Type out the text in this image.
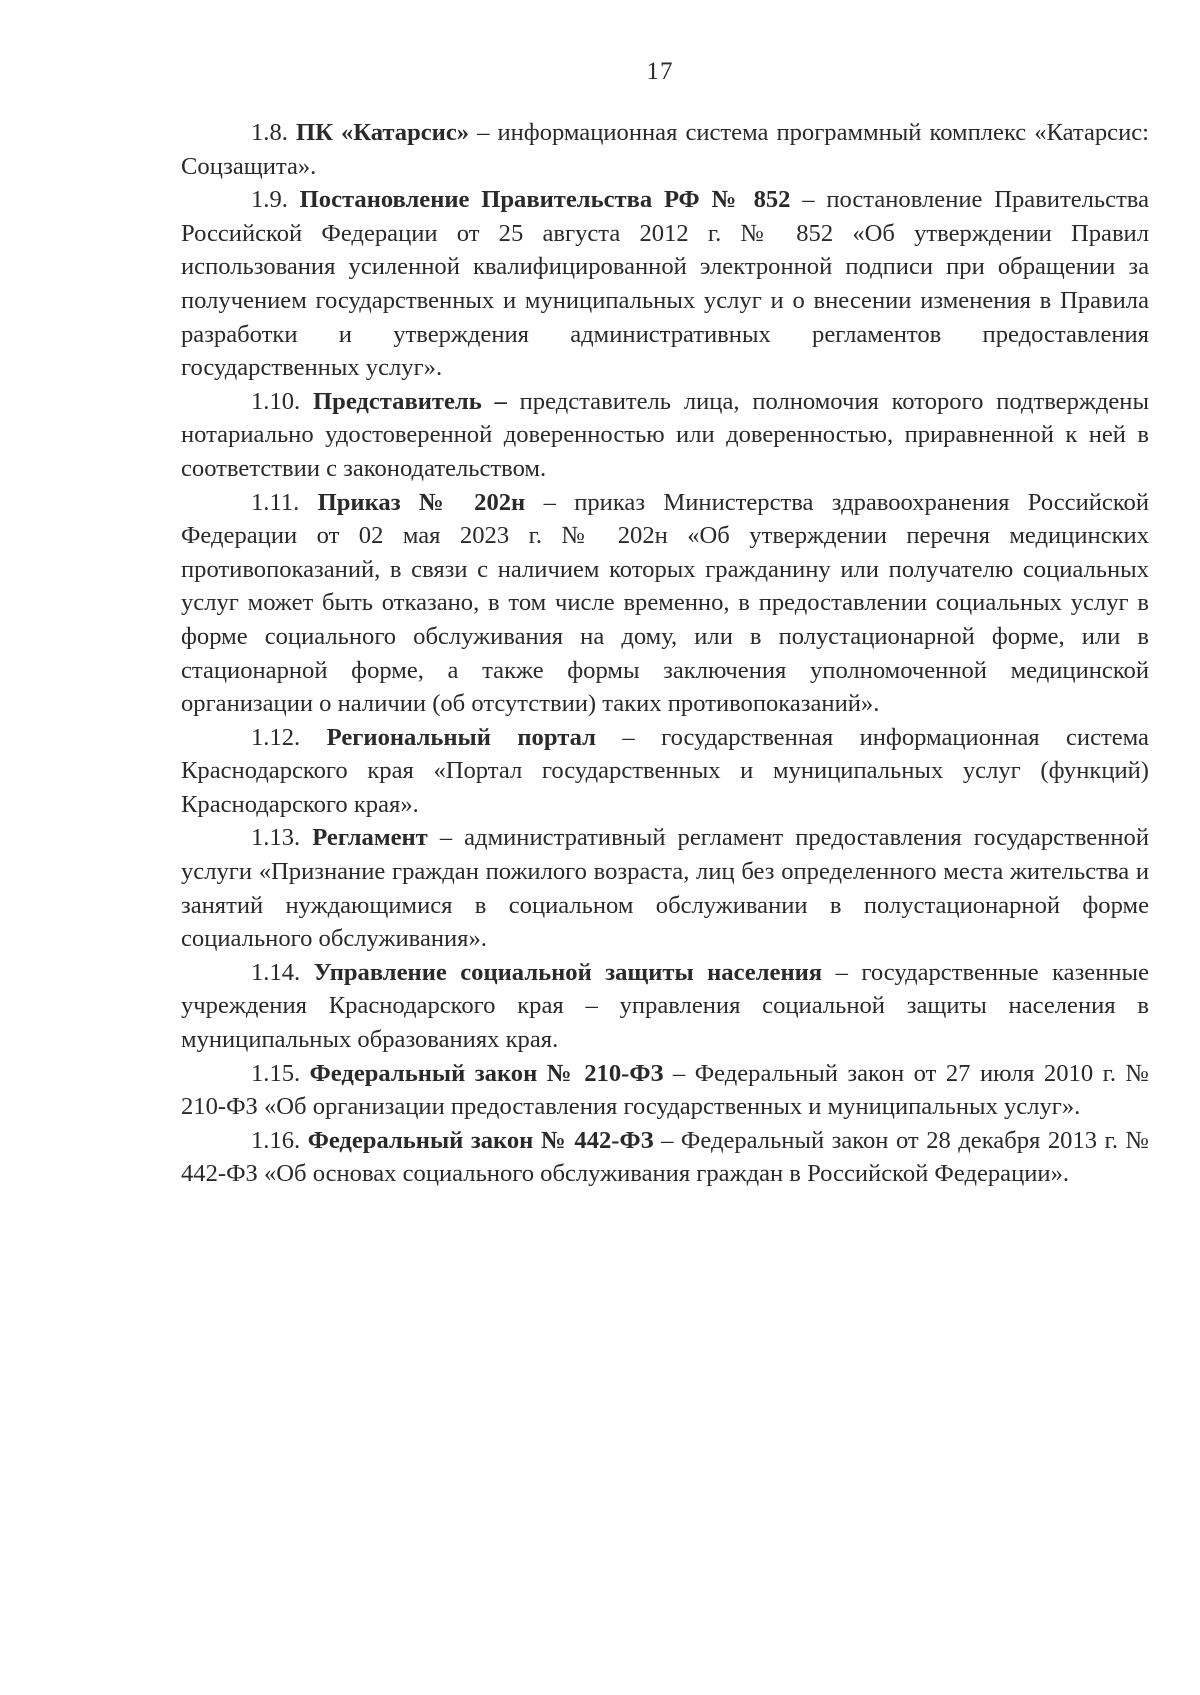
17

1.8. ПК «Катарсис» – информационная система программный комплекс «Катарсис: Соцзащита».

1.9. Постановление Правительства РФ № 852 – постановление Правительства Российской Федерации от 25 августа 2012 г. № 852 «Об утверждении Правил использования усиленной квалифицированной электронной подписи при обращении за получением государственных и муниципальных услуг и о внесении изменения в Правила разработки и утверждения административных регламентов предоставления государственных услуг».

1.10. Представитель – представитель лица, полномочия которого подтверждены нотариально удостоверенной доверенностью или доверенностью, приравненной к ней в соответствии с законодательством.

1.11. Приказ № 202н – приказ Министерства здравоохранения Российской Федерации от 02 мая 2023 г. № 202н «Об утверждении перечня медицинских противопоказаний, в связи с наличием которых гражданину или получателю социальных услуг может быть отказано, в том числе временно, в предоставлении социальных услуг в форме социального обслуживания на дому, или в полустационарной форме, или в стационарной форме, а также формы заключения уполномоченной медицинской организации о наличии (об отсутствии) таких противопоказаний».

1.12. Региональный портал – государственная информационная система Краснодарского края «Портал государственных и муниципальных услуг (функций) Краснодарского края».

1.13. Регламент – административный регламент предоставления государственной услуги «Признание граждан пожилого возраста, лиц без определенного места жительства и занятий нуждающимися в социальном обслуживании в полустационарной форме социального обслуживания».

1.14. Управление социальной защиты населения – государственные казенные учреждения Краснодарского края – управления социальной защиты населения в муниципальных образованиях края.

1.15. Федеральный закон № 210-ФЗ – Федеральный закон от 27 июля 2010 г. № 210-ФЗ «Об организации предоставления государственных и муниципальных услуг».

1.16. Федеральный закон № 442-ФЗ – Федеральный закон от 28 декабря 2013 г. № 442-ФЗ «Об основах социального обслуживания граждан в Российской Федерации».
